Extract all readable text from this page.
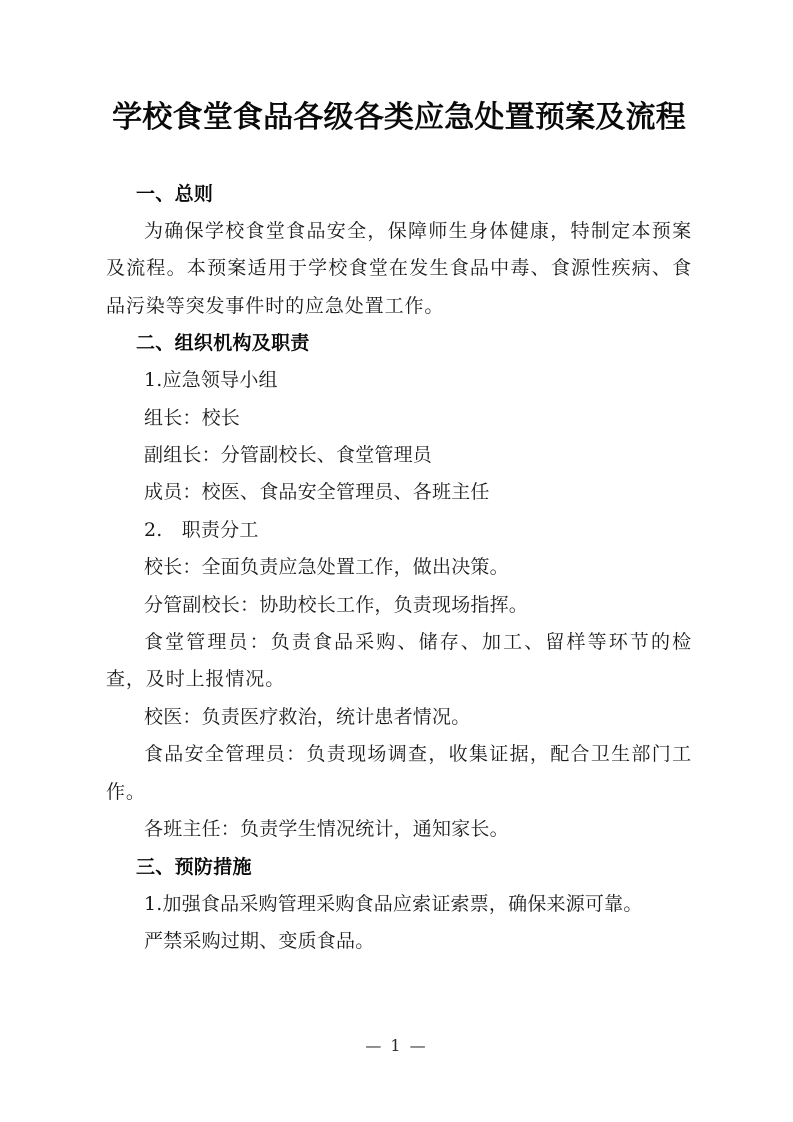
学校食堂食品各级各类应急处置预案及流程
一、总则

为确保学校食堂食品安全，保障师生身体健康，特制定本预案及流程。本预案适用于学校食堂在发生食品中毒、食源性疾病、食品污染等突发事件时的应急处置工作。

二、组织机构及职责

1.应急领导小组

组长：校长

副组长：分管副校长、食堂管理员

成员：校医、食品安全管理员、各班主任

2.　职责分工

校长：全面负责应急处置工作，做出决策。

分管副校长：协助校长工作，负责现场指挥。

食堂管理员：负责食品采购、储存、加工、留样等环节的检查，及时上报情况。

校医：负责医疗救治，统计患者情况。

食品安全管理员：负责现场调查，收集证据，配合卫生部门工作。

各班主任：负责学生情况统计，通知家长。

三、预防措施

1.加强食品采购管理采购食品应索证索票，确保来源可靠。

严禁采购过期、变质食品。

— 1 —
